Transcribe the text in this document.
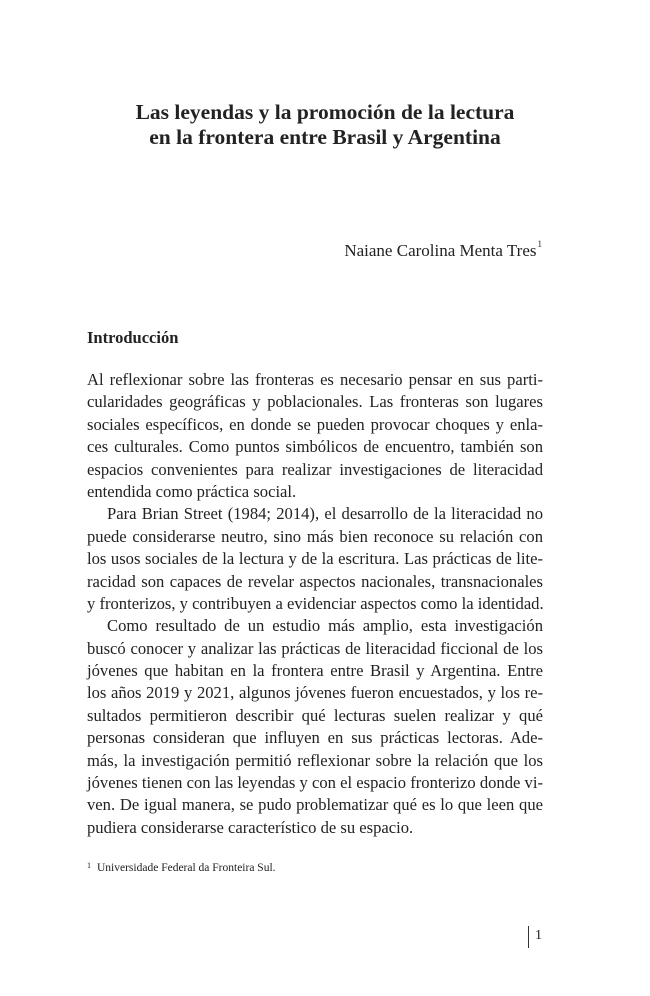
Las leyendas y la promoción de la lectura
en la frontera entre Brasil y Argentina
Naiane Carolina Menta Tres$^1$
Introducción
Al reflexionar sobre las fronteras es necesario pensar en sus parti-
cularidades geográficas y poblacionales. Las fronteras son lugares
sociales específicos, en donde se pueden provocar choques y enla-
ces culturales. Como puntos simbólicos de encuentro, también son
espacios convenientes para realizar investigaciones de literacidad
entendida como práctica social.
Para Brian Street (1984; 2014), el desarrollo de la literacidad no
puede considerarse neutro, sino más bien reconoce su relación con
los usos sociales de la lectura y de la escritura. Las prácticas de lite-
racidad son capaces de revelar aspectos nacionales, transnacionales
y fronterizos, y contribuyen a evidenciar aspectos como la identidad.
Como resultado de un estudio más amplio, esta investigación
buscó conocer y analizar las prácticas de literacidad ficcional de los
jóvenes que habitan en la frontera entre Brasil y Argentina. Entre
los años 2019 y 2021, algunos jóvenes fueron encuestados, y los re-
sultados permitieron describir qué lecturas suelen realizar y qué
personas consideran que influyen en sus prácticas lectoras. Ade-
más, la investigación permitió reflexionar sobre la relación que los
jóvenes tienen con las leyendas y con el espacio fronterizo donde vi-
ven. De igual manera, se pudo problematizar qué es lo que leen que
pudiera considerarse característico de su espacio.
$^1$ Universidade Federal da Fronteira Sul.
1
